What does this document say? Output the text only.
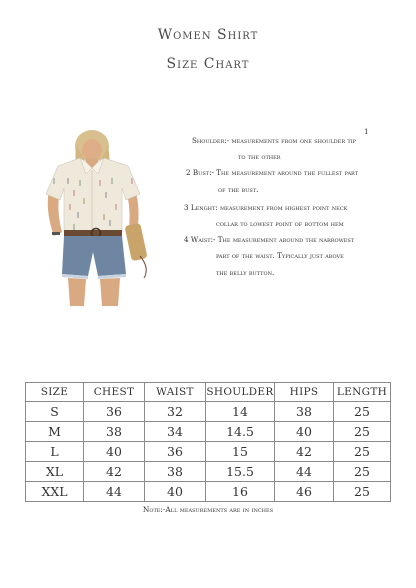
Women Shirt
Size Chart
1
Shoulder:- measurements from one shoulder tip
to the other
2 Bust:- The measurement around the fullest part
of the bust.
3 Lenght: measurement from highest point neck
collar to lowest point of bottom hem
4 Waist:- The measurement around the narrowest
part of the waist. Typically just above
the belly button.
SIZE	CHEST	WAIST	SHOULDER	HIPS	LENGTH
S	36	32	14	38	25
M	38	34	14.5	40	25
L	40	36	15	42	25
XL	42	38	15.5	44	25
XXL	44	40	16	46	25
Note:-All measurements are in inches
